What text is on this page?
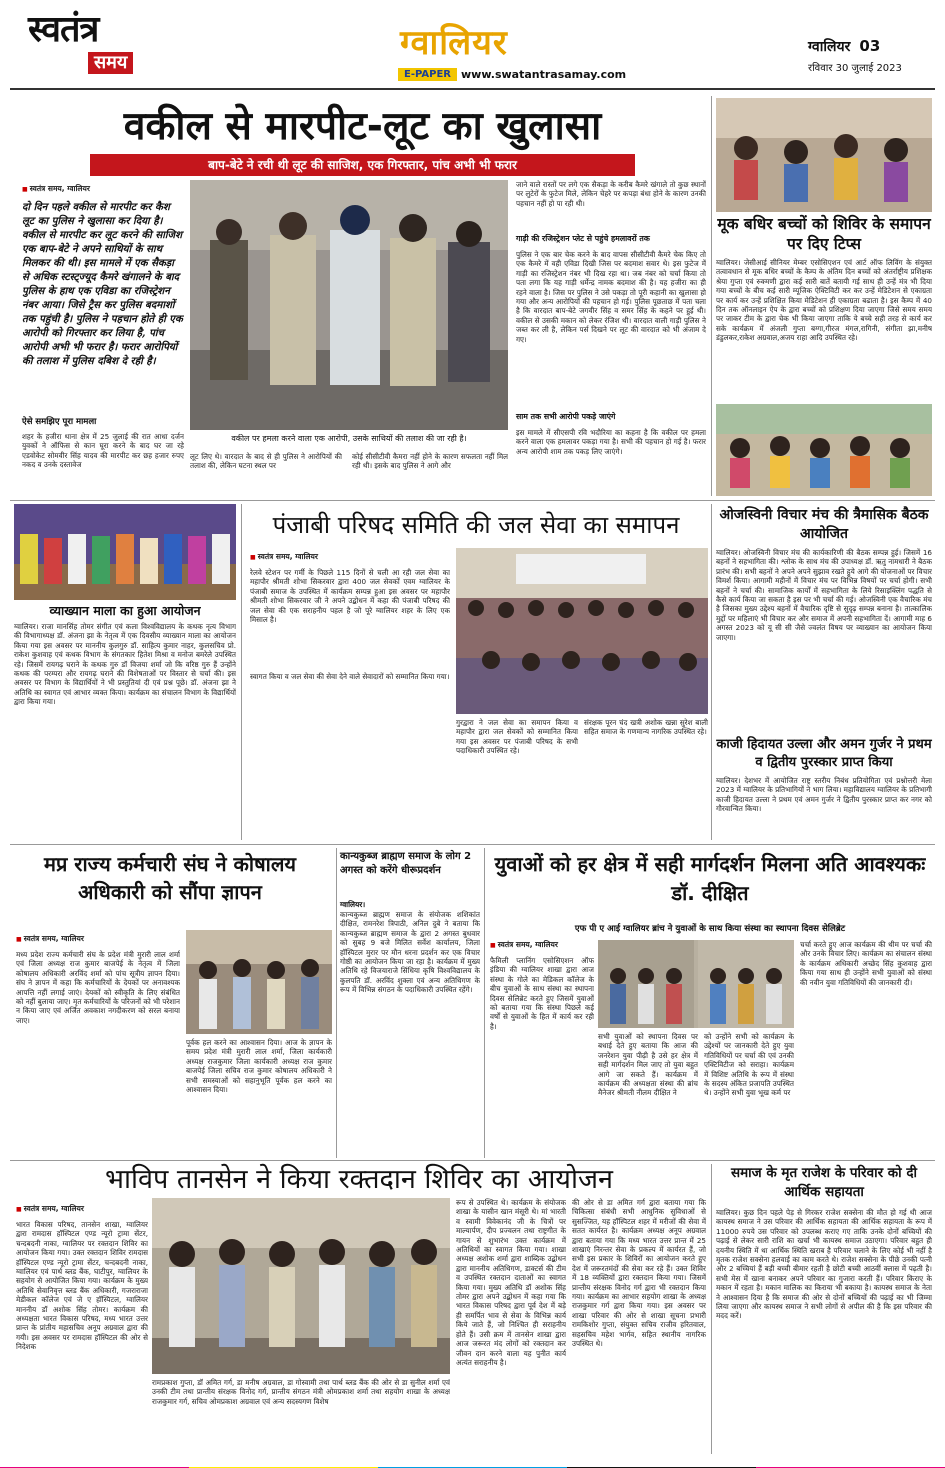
स्वतंत्र
समय	ग्वालियर
E-PAPER www.swatantrasamay.com
ग्वालियर 03
रविवार 30 जुलाई 2023
वकील से मारपीट-लूट का खुलासा
बाप-बेटे ने रची थी लूट की साजिश, एक गिरफ्तार, पांच अभी भी फरार
■ स्वतंत्र समय, ग्वालियर
दो दिन पहले वकील से मारपीट कर कैश लूट का पुलिस ने खुलासा कर दिया है। वकील से मारपीट कर लूट करने की साजिश एक बाप-बेटे ने अपने साथियों के साथ मिलकर की थी। इस मामले में एक सैकड़ा से अधिक स्टस्ट्ज्यूद कैमरे खंगालने के बाद पुलिस के हाथ एक एविडा का रजिस्ट्रेशन नंबर आया। जिसे ट्रैस कर पुलिस बदमाशों तक पहुंची है। पुलिस ने पहचान होते ही एक आरोपी को गिरफ्तार कर लिया है, पांच आरोपी अभी भी फरार है। फरार आरोपियों की तलाश में पुलिस दबिश दे रही है।
ऐसे समझिए पूरा मामला
शहर के हजीरा थाना क्षेत्र में 25 जुलाई की रात आधा दर्जन युवकों ने ऑफिस से कान घूरा करने के बाद घर जा रहे एडवोकेट सोमवीर सिंह यादव की मारपीट कर छह हजार रुपए नकद व उनके दस्तावेज
वकील पर हमला करने वाला एक आरोपी, उसके साथियों की तलाश की जा रही है।
लूट लिए थे। वारदात के बाद से ही पुलिस ने आरोपियों की तलाश की, लेकिन घटना स्थल पर
कोई सीसीटीवी कैमरा नहीं होने के कारण सफलता नहीं मिल रही थी। इसके बाद पुलिस ने आगे और
जाने वाले रास्तों पर लगे एक सैकड़ा के करीब कैमरे खंगाले तो कुछ स्थानों पर लुटेरों के फुटेज मिले, लेकिन चेहरे पर कपड़ा बंधा होने के कारण उनकी पहचान नहीं हो पा रही थी।
गाड़ी की रजिस्ट्रेशन प्लेट से पहुंचे हमलावरों तक
पुलिस ने एक बार चेक करने के बाद वापस सीसीटीवी कैमरे चेक किए तो एक कैमरे में वही एविडा दिखी जिस पर बदमाश सवार थे। इस फुटेज में गाड़ी का रजिस्ट्रेशन नंबर भी दिख रहा था। जब नंबर को चर्चा किया तो पता लगा कि यह गाड़ी धर्मेन्द्र नामक बदमाश की है। यह हजीरा का ही रहने वाला है। जिस पर पुलिस ने उसे पकड़ा तो पूरी कहानी का खुलासा हो गया और अन्य आरोपियों की पहचान हो गई। पुलिस पूछताछ में पता चला है कि वारदात बाप-बेटे जगवीर सिंह व समर सिंह के कहने पर हुई थी। वकील से उसकी मकान को लेकर रंजिश थी। वारदात वाली गाड़ी पुलिस ने जब्त कर ली है, लेकिन पर्स दिखने पर लूट की वारदात को भी अंजाम दे गए।
साम तक सभी आरोपी पकड़े जाएंगे
इस मामले में सीएसपी रवि भदौरिया का कहना है कि वकील पर हमला करने वाला एक हमलावर पकड़ा गया है। सभी की पहचान हो गई है। फरार अन्य आरोपी शाम तक पकड़ लिए जाएंगे।
मूक बधिर बच्चों को शिविर के समापन पर दिए टिप्स
ग्वालियर। जेसीआई सीनियर मेम्बर एसोसिएशन एवं आर्ट ऑफ लिविंग के संयुक्त तत्वावधान से मूक बधिर बच्चों के कैम्प के अंतिम दिन बच्चों को अंतर्राष्ट्रीय प्रशिक्षक श्रेया गुप्ता एवं रुक्मणी द्वारा कई सारी बातें बतायी गई साथ ही उन्हें मंत्र भी दिया गया बच्चों के बीच कई सारी म्यूजिक ऐक्टिविटी कर कर उन्हें मेडिटेशन से एकाग्रता पर कार्य कर उन्हें प्रशिक्षित किया मेडिटेशन ही एकाग्रता बढाता है। इस कैम्प में 40 दिन तक ऑनलाइन ऐप के द्वारा बच्चों को प्रशिक्षण दिया जाएगा जिसे समय समय पर जाकर टीम के द्वारा चेक भी किया जाएगा ताकि ये बच्चे सही तरह से कार्य कर सके कार्यक्रम में अंजली गुप्ता बग्गा,गीरज मंगल,रागिनी, संगीता झा,मनीष डंडुलकर,राकेश अग्रवाल,अजय राहा आदि उपस्थित रहे।
व्याख्यान माला का हुआ आयोजन
ग्वालियर। राजा मानसिंह तोमर संगीत एवं कला विश्वविद्यालय के कथक नृत्य विभाग की विभागाध्यक्ष डॉ. अंजना झा के नेतृत्व में एक दिवसीय व्याख्यान माला का आयोजन किया गया इस अवसर पर माननीय कुलगुरु डॉ. साहित्य कुमार नाहर, कुलसचिव प्रो. राकेश कुशवाह एवं कथक विभाग के संगतकार हितेश मिश्रा व मनोज बमरेले उपस्थित रहे। जिसमें रायगढ़ घराने के कथक गुरु डॉ विजया शर्मा जो कि वरिष्ठ गुरु हैं उन्होंने कथक की परम्परा और रायगढ़ घराने की विशेषताओं पर विस्तार से चर्चा की। इस अवसर पर विभाग के विद्यार्थियों ने भी प्रस्तुतियां दी एवं प्रश्न पूछे। डॉ. अंजना झा ने अतिथि का स्वागत एवं आभार व्यक्त किया। कार्यक्रम का संचालन विभाग के विद्यार्थियों द्वारा किया गया।
पंजाबी परिषद समिति की जल सेवा का समापन
■ स्वतंत्र समय, ग्वालियर
रेलवे स्टेशन पर गर्मी के पिछले 115 दिनों से चली आ रही जल सेवा का महापौर श्रीमती शोभा सिकरवार द्वारा 400 जल सेवकों एवम ग्वालियर के पंजाबी समाज के उपस्थित में कार्यक्रम सम्पन्न हुआ इस अवसर पर महापौर श्रीमती शोभा सिकरवार जी ने अपने उद्बोधन में कहा की पंजाबी परिषद की जल सेवा की एक सराहनीय पहल है जो पूरे ग्वालियर शहर के लिए एक मिसाल है।
स्वागत किया व जल सेवा की सेवा देने वाले सेवादारों को सम्मानित किया गया।
गुरद्वारा ने जल सेवा का समापन किया व महापौर द्वारा जल सेवकों को सम्मानित किया गया इस अवसर पर पंजाबी परिषद के सभी पदाधिकारी उपस्थित रहे।
संरक्षक पूरन चंद खत्री अशोक खन्ना सुरेश बाली सहित समाज के गणमान्य नागरिक उपस्थित रहे।
ओजस्विनी विचार मंच की त्रैमासिक बैठक आयोजित
ग्वालियर। ओजस्विनी विचार मंच की कार्यकारिणी की बैठक सम्पन्न हुई। जिसमें 16 बहनों ने सहभागिता की। श्लोक के साथ मंच की उपाध्यक्ष डॉ. ऋतु नामधारी ने बैठक प्रारंभ की। सभी बहनों ने अपने अपने सुझाव रखते हुये आगे की योजनाओं पर विचार विमर्श किया। आगामी महीनों में विचार मंच पर विभिन्न विषयों पर चर्चा होगी। सभी बहनों ने चर्चा की। सामाजिक कार्यों में सहभागिता के लिये रिसाइक्लिंग पद्धति से कैसे कार्य किया जा सकता है इस पर भी चर्चा की गई। ओजस्विनी एक वैचारिक मंच है जिसका मुख्य उद्देश्य बहनों में वैचारिक दृष्टि से सुदृढ़ सम्पन्न बनाना है। तात्कालिक मुद्दों पर महिलाएं भी विचार कर और समाज में अपनी सहभागिता दें। आगामी माह 6 अगस्त 2023 को यू सी सी जैसे ज्वलंत विषय पर व्याख्यान का आयोजन किया जाएगा।
काजी हिदायत उल्ला और अमन गुर्जर ने प्रथम व द्वितीय पुरस्कार प्राप्त किया
ग्वालियर। देशभर में आयोजित राष्ट्र स्तरीय निबंध प्रतियोगिता एवं प्रश्नोत्तरी मेला 2023 में ग्वालियर के प्रतिभागियों ने भाग लिया। महाविद्यालय ग्वालियर के प्रतिभागी काजी हिदायत उल्ला ने प्रथम एवं अमन गुर्जर ने द्वितीय पुरस्कार प्राप्त कर नगर को गौरवान्वित किया।
मप्र राज्य कर्मचारी संघ ने कोषालय अधिकारी को सौंपा ज्ञापन
■ स्वतंत्र समय, ग्वालियर
मध्य प्रदेश राज्य कर्मचारी संघ के प्रदेश मंत्री मुरारी लाल शर्मा एवं जिला अध्यक्ष राज कुमार बाजपेई के नेतृत्व में जिला कोषालय अधिकारी अरविंद शर्मा को पांच सूत्रीय ज्ञापन दिया। संघ ने ज्ञापन में कहा कि कर्मचारियों के देयकों पर अनावश्यक आपत्ति नहीं लगाई जाएं। देयकों को स्वीकृति के लिए संबंधित को नहीं बुलाया जाए। मृत कर्मचारियों के परिजनों को भी परेशान न किया जाए एवं अर्जित अवकाश नगदीकरण को सरल बनाया जाए।
पूर्वक हल करने का आश्वासन दिया। आज के ज्ञापन के समय प्रदेश मंत्री मुरारी लाल शर्मा, जिला कार्यकारी अध्यक्ष राजकुमार जिला कार्यकारी अध्यक्ष राज कुमार बाजपेई जिला सचिव राज कुमार कोषालय अधिकारी ने सभी समस्याओं को सहानुभूति पूर्वक हल करने का आश्वासन दिया।
कान्यकुब्ज ब्राह्मण समाज के लोग 2 अगस्त को करेंगे धीरूप्रदर्शन
ग्वालियर।
कान्यकुब्ज ब्राह्मण समाज के संयोजक शशिकांत दीक्षित, रामनरेश त्रिपाठी, अनिल दुबे ने बताया कि कान्यकुब्ज ब्राह्मण समाज के द्वारा 2 अगस्त बुधवार को सुबह 9 बजे मिलित सर्वेश कार्यालय, जिला हॉस्पिटल मुरार पर मौन धरना प्रदर्शन कर एक विचार गोष्ठी का आयोजन किया जा रहा है। कार्यक्रम में मुख्य अतिथि रहे विजयाराजे सिंधिया कृषि विश्वविद्यालय के कुलपति डॉ. अरविंद शुक्ला एवं अन्य अतिथिगण के रूप में विभिन्न संगठन के पदाधिकारी उपस्थित रहेंगे।
युवाओं को हर क्षेत्र में सही मार्गदर्शन मिलना अति आवश्यकः डॉ. दीक्षित
एफ पी ए आई ग्वालियर ब्रांच ने युवाओं के साथ किया संस्था का स्थापना दिवस सेलिब्रेट
■ स्वतंत्र समय, ग्वालियर
फैमिली प्लानिंग एसोसिएशन ऑफ इंडिया की ग्वालियर शाखा द्वारा आज संस्था के गोले का मेडिकल कॉलेज के बीच युवाओं के साथ संस्था का स्थापना दिवस सेलिब्रेट करते हुए जिसमें युवाओं को बताया गया कि संस्था पिछले कई वर्षों से युवाओं के हित में कार्य कर रही है।
सभी युवाओं को स्थापना दिवस पर बधाई देते हुए बताया कि आज की जनरेशन युवा पीढ़ी है उसे हर क्षेत्र में सही मार्गदर्शन मिल जाए तो युवा बहुत आगे जा सकते हैं। कार्यक्रम में कार्यक्रम की अध्यक्षता संस्था की ब्रांच मैनेजर श्रीमती नीलम दीक्षित ने
को उन्होंने सभी को कार्यक्रम के उद्देश्यों पर जानकारी देते हुए युवा गतिविधियों पर चर्चा की एवं उनकी एक्टिविटीज को सराहा। कार्यक्रम में विशिष्ट अतिथि के रूप में संस्था के सदस्य अंकित प्रजापति उपस्थित थे। उन्होंने सभी युवा भूख कर्म पर
चर्चा करते हुए आज कार्यक्रम की थीम पर चर्चा की और उनके विचार लिए। कार्यक्रम का संचालन संस्था के कार्यक्रम अधिकारी अच्छेद सिंह कुशवाह द्वारा किया गया साथ ही उन्होंने सभी युवाओं को संस्था की नवीन युवा गतिविधियों की जानकारी दी।
भाविप तानसेन ने किया रक्तदान शिविर का आयोजन
■ स्वतंत्र समय, ग्वालियर
भारत विकास परिषद, तानसेन शाखा, ग्वालियर द्वारा रामदास हॉस्पिटल एण्ड न्यूरो ट्रामा सेंटर, चन्दबदनी नाका, ग्वालियर पर रक्तदान शिविर का आयोजन किया गया। उक्त रक्तदान शिविर रामदास हॉस्पिटल एण्ड न्यूरो ट्रामा सेंटर, चन्दबदनी नाका, ग्वालियर एवं पार्थ ब्लड बैंक, घाटीपुर, ग्वालियर के सहयोग से आयोजित किया गया। कार्यक्रम के मुख्य अतिथि सेवानिवृत्त ब्लड बैंक अधिकारी, गजराराजा मेडीकल कॉलेज एवं जे ए हॉस्पिटल, ग्वालियर माननीय डॉ अशोक सिंह तोमर। कार्यक्रम की अध्यक्षता भारत विकास परिषद, मध्य भारत उत्तर प्रान्त के प्रांतीय महासचिव अनूप अग्रवाल द्वारा की गयी। इस अवसर पर रामदास हॉस्पिटल की ओर से निदेशक
रामप्रकाश गुप्ता, डॉ अमित गर्ग, डा मनीष अग्रवाल, डा गोस्वामी तथा पार्थ ब्लड बैंक की ओर से डा सुनील शर्मा एवं उनकी टीम तथा प्रान्तीय संरक्षक विनोद गर्ग, प्रान्तीय संगठन मंत्री ओमप्रकाश शर्मा तथा सहयोग शाखा के अध्यक्ष राजकुमार गर्ग, सचिव ओमप्रकाश अग्रवाल एवं अन्य सदस्यगण विशेष
रूप से उपस्थित थे। कार्यक्रम के संयोजक शाखा के यासीन खान मंसूरी थे। मां भारती व स्वामी विवेकानंद जी के चित्रों पर माल्यार्पण, दीप प्रज्वलन तथा राष्ट्रगीत के गायन से शुभारंभ उक्त कार्यक्रम में अतिथियों का स्वागत किया गया। शाखा अध्यक्ष अशोक शर्मा द्वारा शाब्दिक उद्बोधन द्वारा माननीय अतिथिगण, डाक्टर्स की टीम व उपस्थित रक्तदान दाताओं का स्वागत किया गया। मुख्य अतिथि डॉ अशोक सिंह तोमर द्वारा अपने उद्बोधन में कहा गया कि भारत विकास परिषद द्वारा पूर्व देश में बड़े ही समर्पित भाव से सेवा के विभिन्न कार्य किये जाते हैं, जो निश्चित ही सराहनीय होते हैं। उसी क्रम में तानसेन शाखा द्वारा आज जरूरत मंद लोगों को रक्तदान कर जीवन दान करने वाला यह पुनीत कार्य अत्यंत सराहनीय है।
की ओर से डा अमित गर्ग द्वारा बताया गया कि चिकित्सा संबंधी सभी आधुनिक सुविधाओं से सुसज्जित, यह हॉस्पिटल शहर में मरीजों की सेवा में सतत कार्यरत है। कार्यक्रम अध्यक्ष अनूप अग्रवाल द्वारा बताया गया कि मध्य भारत उत्तर प्रान्त में 25 शाखाएं निरन्तर सेवा के प्रकल्प में कार्यरत हैं, जो सभी इस प्रकार के शिविरों का आयोजन करते हुए देश में जरूरतमंदों की सेवा कर रहे हैं। उक्त शिविर में 18 व्यक्तियों द्वारा रक्तदान किया गया। जिसमें प्रान्तीय संरक्षक विनोद गर्ग द्वारा भी रक्तदान किया गया। कार्यक्रम का आभार सहयोग शाखा के अध्यक्ष राजकुमार गर्ग द्वारा किया गया। इस अवसर पर शाखा परिवार की ओर से शाखा सूचना प्रभारी रामकिशोर गुप्ता, संयुक्त सचिव राजीव हरितवाल, सहसचिव महेश भार्गव, सहित स्थानीय नागरिक उपस्थित थे।
समाज के मृत राजेश के परिवार को दी आर्थिक सहायता
ग्वालियर। कुछ दिन पहले पेड़ से गिरकर राजेश सक्सेना की मौत हो गई थी आज कायस्थ समाज ने उस परिवार की आर्थिक सहायता की आर्थिक सहायता के रूप में 11000 रुपये उस परिवार को उपलब्ध कराए गए ताकि उनके दोनों बच्चियों की पढ़ाई से लेकर सारी राशि का खर्चा भी कायस्थ समाज उठाएगा। परिवार बहुत ही दयनीय स्थिति में था आर्थिक स्थिति खराब है परिवार चलाने के लिए कोई भी नहीं है मृतक राजेश सक्सेना हलवाई का काम करते थे। राजेश सक्सेना के पीछे उनकी पत्नी और 2 बच्चियां हैं बड़ी बच्ची बीमार रहती है छोटी बच्ची आठवीं क्लास में पढ़ती है। सभी मेस में खाना बनाकर अपने परिवार का गुजारा करती हैं। परिवार किराए के मकान में रहता है। मकान मालिक का किराया भी बकाया है। कायस्थ समाज के नेता ने आश्वासन दिया है कि समाज की ओर से दोनों बच्चियों की पढ़ाई का भी जिम्मा लिया जाएगा और कायस्थ समाज ने सभी लोगों से अपील की है कि इस परिवार की मदद करें।
